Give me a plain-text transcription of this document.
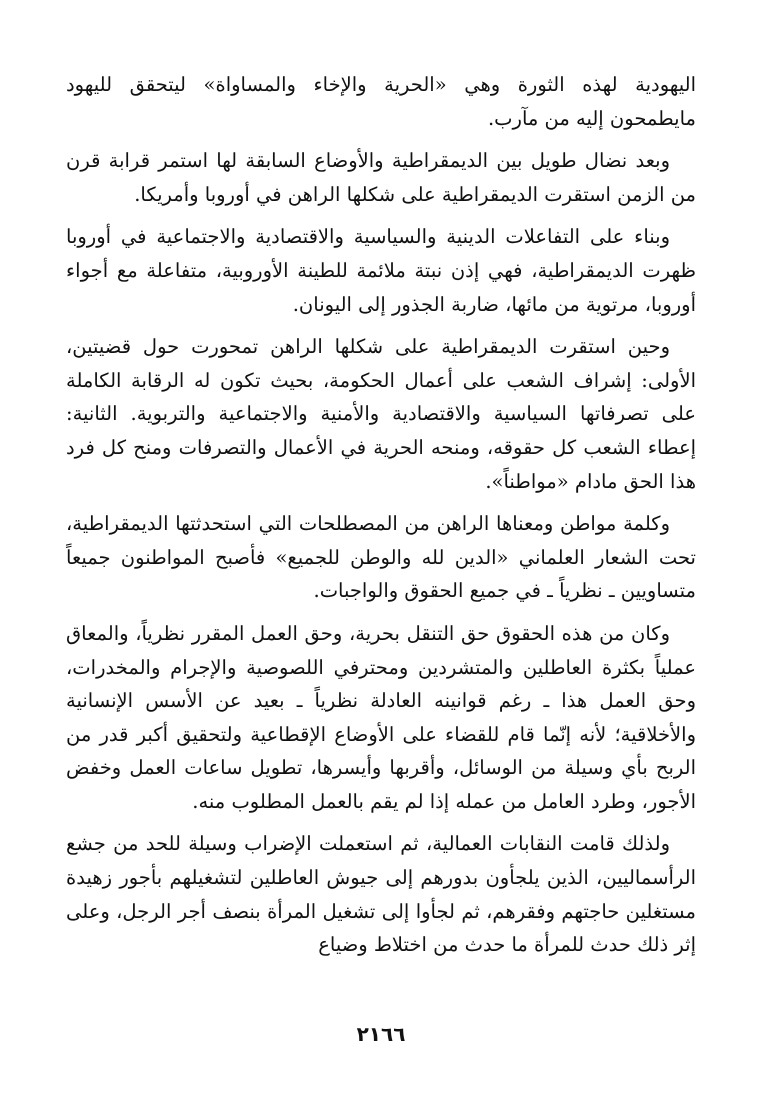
اليهودية لهذه الثورة وهي «الحرية والإخاء والمساواة» ليتحقق لليهود مايطمحون إليه من مآرب.

وبعد نضال طويل بين الديمقراطية والأوضاع السابقة لها استمر قرابة قرن من الزمن استقرت الديمقراطية على شكلها الراهن في أوروبا وأمريكا.

وبناء على التفاعلات الدينية والسياسية والاقتصادية والاجتماعية في أوروبا ظهرت الديمقراطية، فهي إذن نبتة ملائمة للطينة الأوروبية، متفاعلة مع أجواء أوروبا، مرتوية من مائها، ضاربة الجذور إلى اليونان.

وحين استقرت الديمقراطية على شكلها الراهن تمحورت حول قضيتين، الأولى: إشراف الشعب على أعمال الحكومة، بحيث تكون له الرقابة الكاملة على تصرفاتها السياسية والاقتصادية والأمنية والاجتماعية والتربوية. الثانية: إعطاء الشعب كل حقوقه، ومنحه الحرية في الأعمال والتصرفات ومنح كل فرد هذا الحق مادام «مواطناً».

وكلمة مواطن ومعناها الراهن من المصطلحات التي استحدثتها الديمقراطية، تحت الشعار العلماني «الدين لله والوطن للجميع» فأصبح المواطنون جميعاً متساويين ـ نظرياً ـ في جميع الحقوق والواجبات.

وكان من هذه الحقوق حق التنقل بحرية، وحق العمل المقرر نظرياً، والمعاق عملياً بكثرة العاطلين والمتشردين ومحترفي اللصوصية والإجرام والمخدرات، وحق العمل هذا ـ رغم قوانينه العادلة نظرياً ـ بعيد عن الأسس الإنسانية والأخلاقية؛ لأنه إنّما قام للقضاء على الأوضاع الإقطاعية ولتحقيق أكبر قدر من الربح بأي وسيلة من الوسائل، وأقربها وأيسرها، تطويل ساعات العمل وخفض الأجور، وطرد العامل من عمله إذا لم يقم بالعمل المطلوب منه.

ولذلك قامت النقابات العمالية، ثم استعملت الإضراب وسيلة للحد من جشع الرأسماليين، الذين يلجأون بدورهم إلى جيوش العاطلين لتشغيلهم بأجور زهيدة مستغلين حاجتهم وفقرهم، ثم لجأوا إلى تشغيل المرأة بنصف أجر الرجل، وعلى إثر ذلك حدث للمرأة ما حدث من اختلاط وضياع

٢١٦٦
